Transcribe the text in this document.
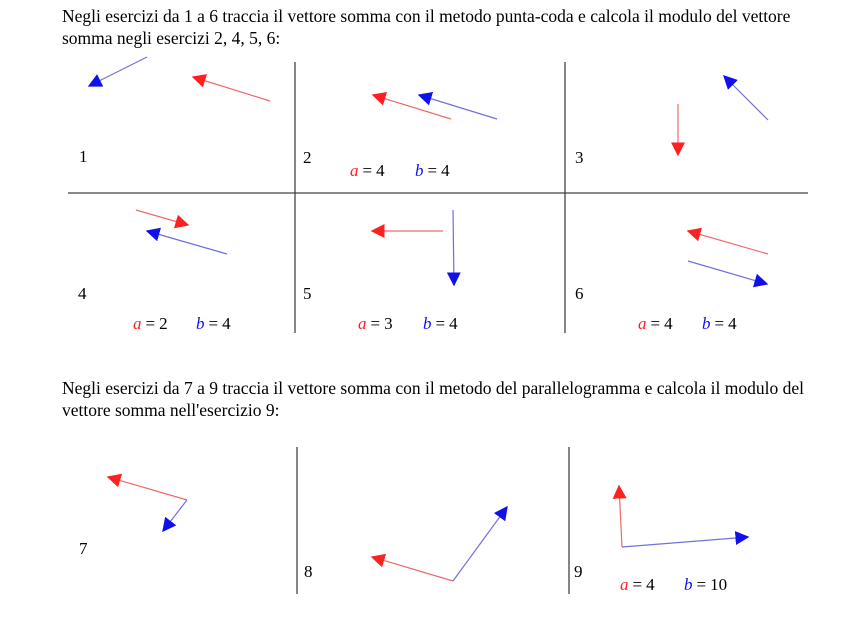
Negli esercizi da 1 a 6 traccia il vettore somma con il metodo punta-coda e calcola il modulo del vettore somma negli esercizi 2, 4, 5, 6:

Negli esercizi da 7 a 9 traccia il vettore somma con il metodo del parallelogramma e calcola il modulo del vettore somma nell'esercizio 9:

1	2
a = 4 b = 4
3
4
a = 2 b = 4
5
a = 3 b = 4
6
a = 4 b = 4
7
8	9
a = 4 b = 10
